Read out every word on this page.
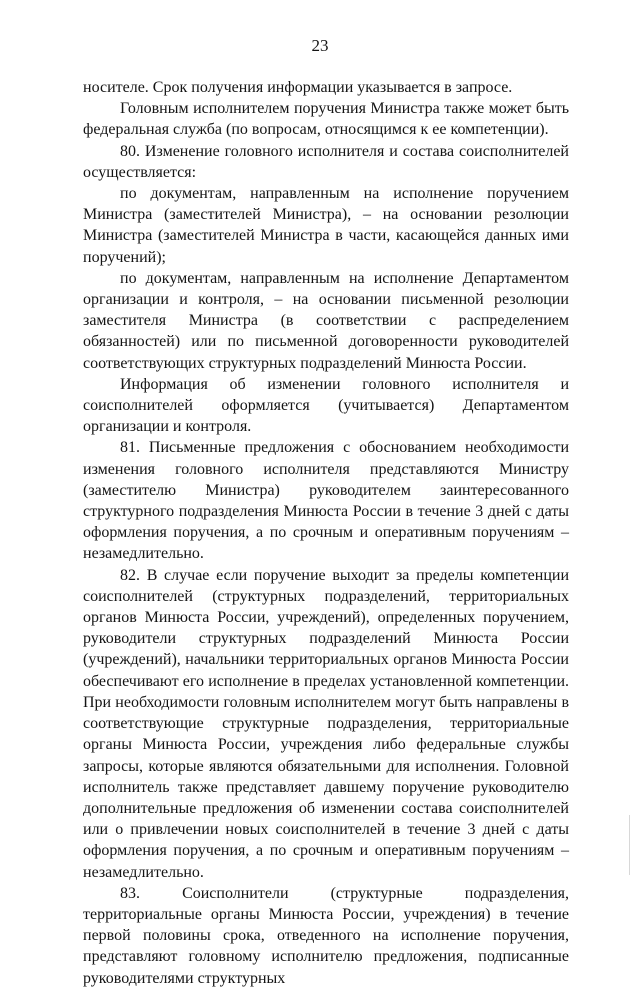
23

носителе. Срок получения информации указывается в запросе.

Головным исполнителем поручения Министра также может быть федеральная служба (по вопросам, относящимся к ее компетенции).

80. Изменение головного исполнителя и состава соисполнителей осуществляется:

по документам, направленным на исполнение поручением Министра (заместителей Министра), – на основании резолюции Министра (заместителей Министра в части, касающейся данных ими поручений);

по документам, направленным на исполнение Департаментом организации и контроля, – на основании письменной резолюции заместителя Министра (в соответствии с распределением обязанностей) или по письменной договоренности руководителей соответствующих структурных подразделений Минюста России.

Информация об изменении головного исполнителя и соисполнителей оформляется (учитывается) Департаментом организации и контроля.

81. Письменные предложения с обоснованием необходимости изменения головного исполнителя представляются Министру (заместителю Министра) руководителем заинтересованного структурного подразделения Минюста России в течение 3 дней с даты оформления поручения, а по срочным и оперативным поручениям – незамедлительно.

82. В случае если поручение выходит за пределы компетенции соисполнителей (структурных подразделений, территориальных органов Минюста России, учреждений), определенных поручением, руководители структурных подразделений Минюста России (учреждений), начальники территориальных органов Минюста России обеспечивают его исполнение в пределах установленной компетенции. При необходимости головным исполнителем могут быть направлены в соответствующие структурные подразделения, территориальные органы Минюста России, учреждения либо федеральные службы запросы, которые являются обязательными для исполнения. Головной исполнитель также представляет давшему поручение руководителю дополнительные предложения об изменении состава соисполнителей или о привлечении новых соисполнителей в течение 3 дней с даты оформления поручения, а по срочным и оперативным поручениям – незамедлительно.

83. Соисполнители (структурные подразделения, территориальные органы Минюста России, учреждения) в течение первой половины срока, отведенного на исполнение поручения, представляют головному исполнителю предложения, подписанные руководителями структурных
